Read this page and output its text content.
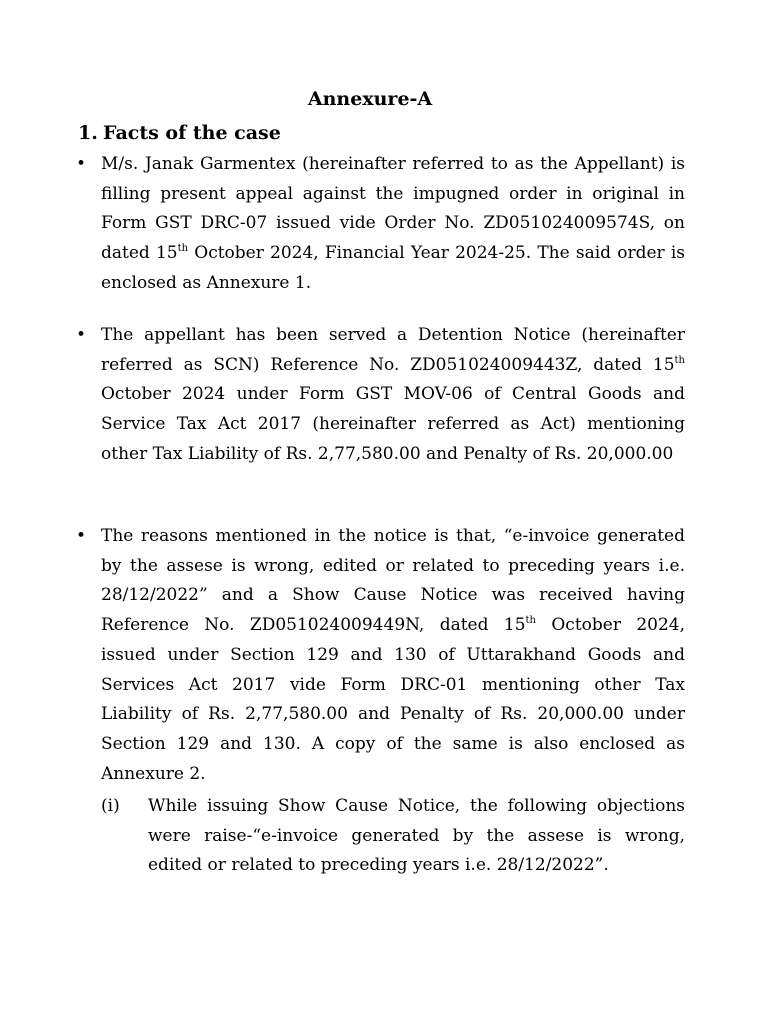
Annexure-A
1. Facts of the case
• M/s. Janak Garmentex (hereinafter referred to as the Appellant) is filling present appeal against the impugned order in original in Form GST DRC-07 issued vide Order No. ZD051024009574S, on dated 15th October 2024, Financial Year 2024-25. The said order is enclosed as Annexure 1.
• The appellant has been served a Detention Notice (hereinafter referred as SCN) Reference No. ZD051024009443Z, dated 15th October 2024 under Form GST MOV-06 of Central Goods and Service Tax Act 2017 (hereinafter referred as Act) mentioning other Tax Liability of Rs. 2,77,580.00 and Penalty of Rs. 20,000.00
• The reasons mentioned in the notice is that, “e-invoice generated by the assese is wrong, edited or related to preceding years i.e. 28/12/2022” and a Show Cause Notice was received having Reference No. ZD051024009449N, dated 15th October 2024, issued under Section 129 and 130 of Uttarakhand Goods and Services Act 2017 vide Form DRC-01 mentioning other Tax Liability of Rs. 2,77,580.00 and Penalty of Rs. 20,000.00 under Section 129 and 130. A copy of the same is also enclosed as Annexure 2.
(i) While issuing Show Cause Notice, the following objections were raise-“e-invoice generated by the assese is wrong, edited or related to preceding years i.e. 28/12/2022”.
